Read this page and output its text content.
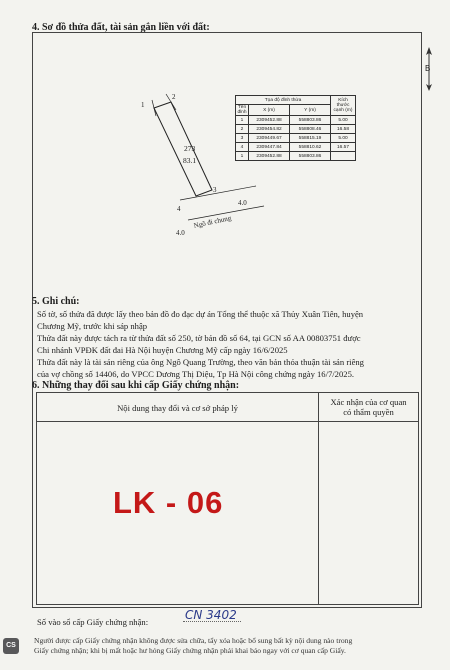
4. Sơ đồ thửa đất, tài sản gắn liền với đất:
B
1
2
3
4
273
83.1
4.0
4.0
Ngõ đi chung
Tọa độ đỉnh thửa			Kích thước cạnh (m)
Tên đỉnh	X (m)	Y (m)	
1	2309452.88	558803.86	5.00
2	2309454.82	558808.46	16.58
3	2309449.67	558815.19	5.00
4	2309447.84	558810.62	16.57
1	2309452.88	558803.86	
5. Ghi chú:
Số tờ, số thửa đã được lấy theo bản đồ đo đạc dự án Tổng thể thuộc xã Thủy Xuân Tiên, huyện
Chương Mỹ, trước khi sáp nhập
Thửa đất này được tách ra từ thửa đất số 250, tờ bản đồ số 64, tại GCN số AA 00803751 được
Chi nhánh VPĐK đất đai Hà Nội huyện Chương Mỹ cấp ngày 16/6/2025
Thửa đất này là tài sản riêng của ông Ngô Quang Trường, theo văn bản thỏa thuận tài sản riêng
của vợ chồng số 14406, do VPCC Dương Thị Diệu, Tp Hà Nội công chứng ngày 16/7/2025.
6. Những thay đổi sau khi cấp Giấy chứng nhận:
Nội dung thay đổi và cơ sở pháp lý	Xác nhận của cơ quan
có thẩm quyền

LK - 06
Số vào sổ cấp Giấy chứng nhận:	CN 3402
Người được cấp Giấy chứng nhận không được sửa chữa, tẩy xóa hoặc bổ sung bất kỳ nội dung nào trong
Giấy chứng nhận; khi bị mất hoặc hư hỏng Giấy chứng nhận phải khai báo ngay với cơ quan cấp Giấy.
CS
